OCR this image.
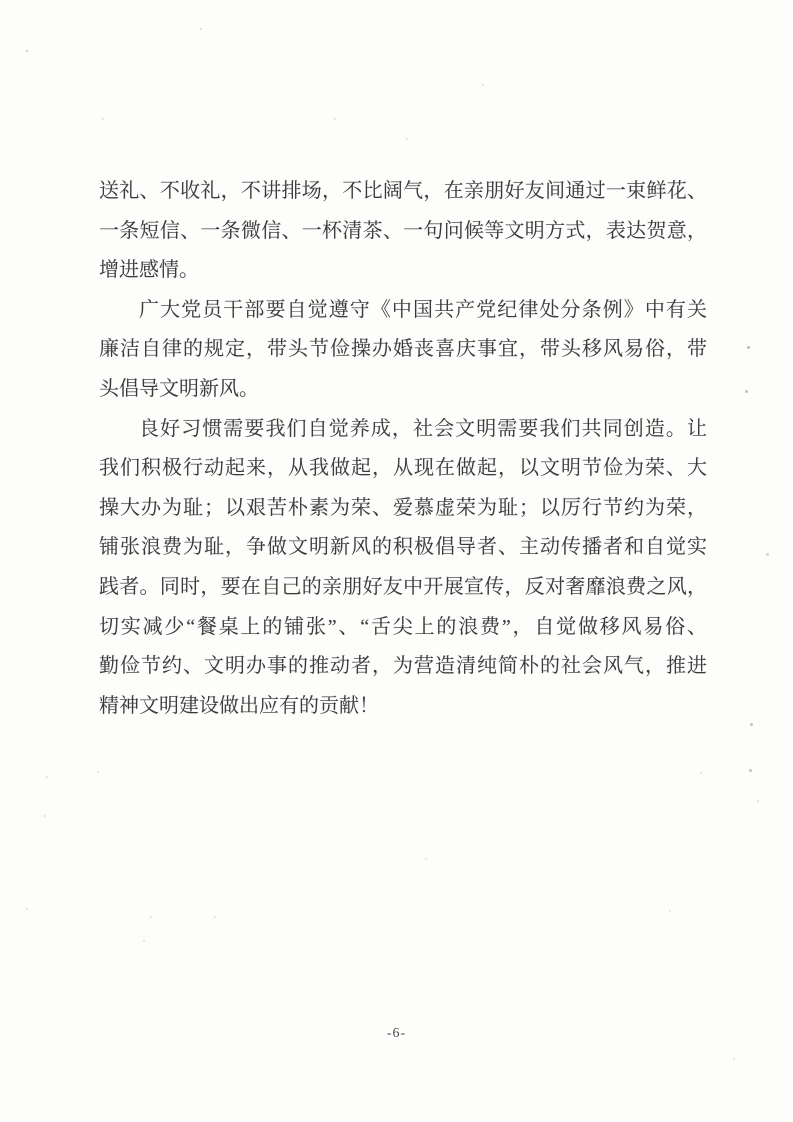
送礼、不收礼，不讲排场，不比阔气，在亲朋好友间通过一束鲜花、
一条短信、一条微信、一杯清茶、一句问候等文明方式，表达贺意，
增进感情。
广大党员干部要自觉遵守《中国共产党纪律处分条例》中有关
廉洁自律的规定，带头节俭操办婚丧喜庆事宜，带头移风易俗，带
头倡导文明新风。
良好习惯需要我们自觉养成，社会文明需要我们共同创造。让
我们积极行动起来，从我做起，从现在做起，以文明节俭为荣、大
操大办为耻；以艰苦朴素为荣、爱慕虚荣为耻；以厉行节约为荣，
铺张浪费为耻，争做文明新风的积极倡导者、主动传播者和自觉实
践者。同时，要在自己的亲朋好友中开展宣传，反对奢靡浪费之风，
切实减少“餐桌上的铺张”、“舌尖上的浪费”，自觉做移风易俗、
勤俭节约、文明办事的推动者，为营造清纯简朴的社会风气，推进
精神文明建设做出应有的贡献！
-6-
